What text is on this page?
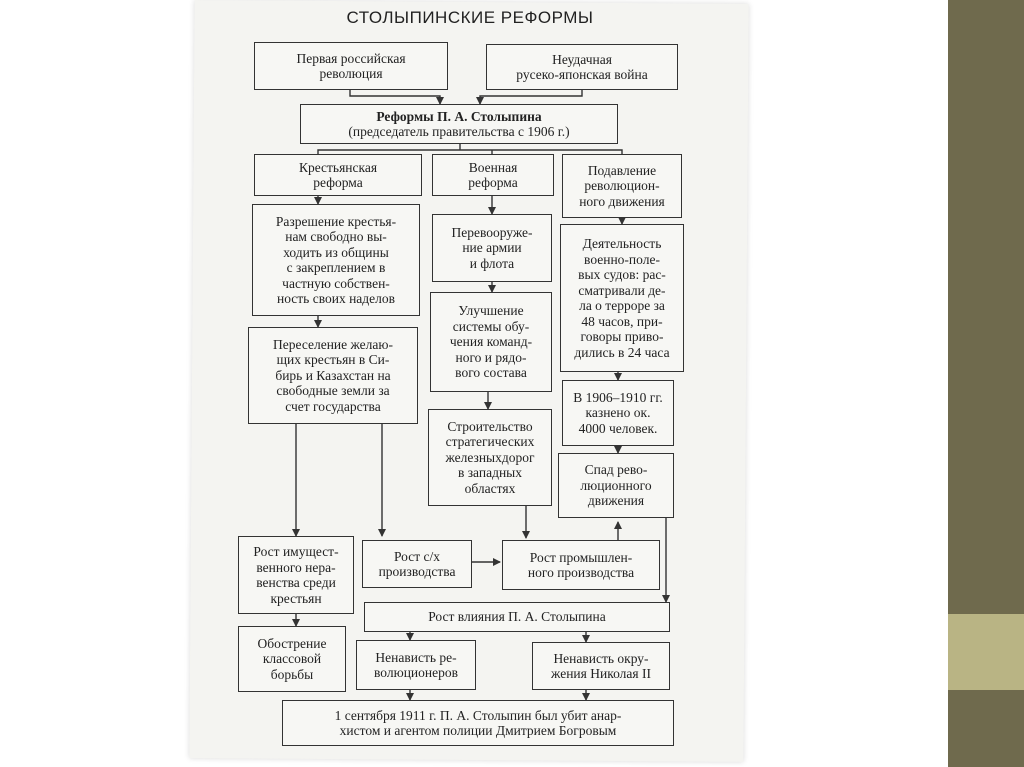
СТОЛЫПИНСКИЕ РЕФОРМЫ
Первая российская
революция
Неудачная
русеко-японская война
Реформы П. А. Столыпина
(председатель правительства с 1906 г.)
Крестьянская
реформа
Военная
реформа
Подавление
революцион-
ного движения
Разрешение крестья-
нам свободно вы-
ходить из общины
с закреплением в
частную собствен-
ность своих наделов
Переселение желаю-
щих крестьян в Си-
бирь и Казахстан на
свободные земли за
счет государства
Перевооруже-
ние армии
и флота
Улучшение
системы обу-
чения команд-
ного и рядо-
вого состава
Строительство
стратегических
железныхдорог
в западных
областях
Деятельность
военно-поле-
вых судов: рас-
сматривали де-
ла о терроре за
48 часов, при-
говоры приво-
дились в 24 часа
В 1906–1910 гг.
казнено ок.
4000 человек.
Спад рево-
люционного
движения
Рост имущест-
венного нера-
венства среди
крестьян
Рост с/х
производства
Рост промышлен-
ного производства
Рост влияния П. А. Столыпина
Обострение
классовой
борьбы
Ненависть ре-
волюционеров
Ненависть окру-
жения Николая II
1 сентября 1911 г. П. А. Столыпин был убит анар-
хистом и агентом полиции Дмитрием Богровым
